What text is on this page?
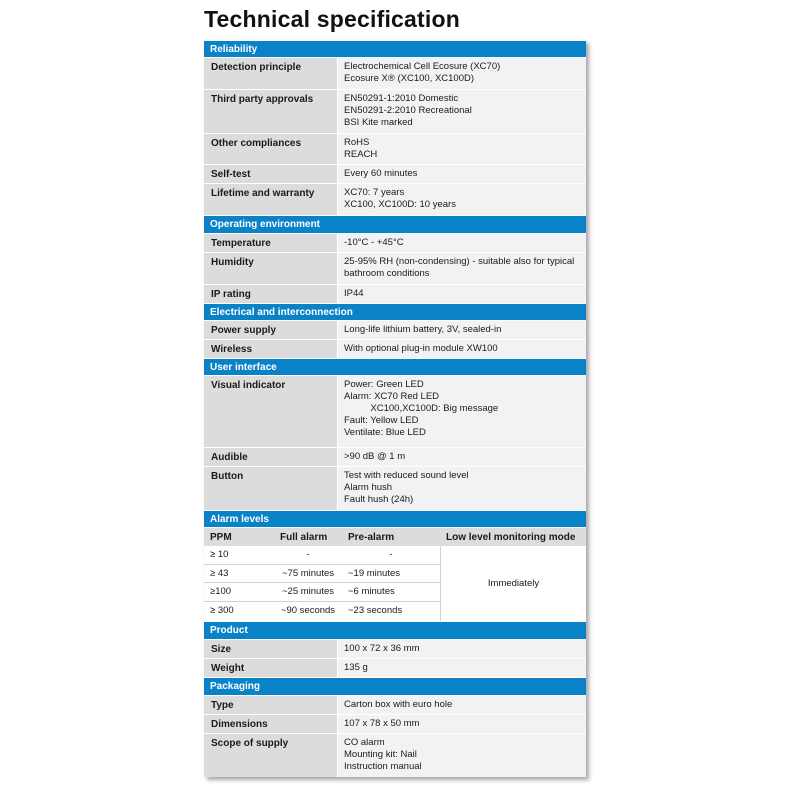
Technical specification
Reliability
Detection principle	Electrochemical Cell Ecosure (XC70)
Ecosure X® (XC100, XC100D)
Third party approvals	EN50291-1:2010 Domestic
EN50291-2:2010 Recreational
BSI Kite marked
Other compliances	RoHS
REACH
Self-test	Every 60 minutes
Lifetime and warranty	XC70: 7 years
XC100, XC100D: 10 years
Operating environment
Temperature	-10°C - +45°C
Humidity	25-95% RH (non-condensing) - suitable also for typical
bathroom conditions
IP rating	IP44
Electrical and interconnection
Power supply	Long-life lithium battery, 3V, sealed-in
Wireless	With optional plug-in module XW100
User interface
Visual indicator	Power: Green LED
Alarm: XC70 Red LED
XC100,XC100D: Big message
Fault: Yellow LED
Ventilate: Blue LED
Audible	>90 dB @ 1 m
Button	Test with reduced sound level
Alarm hush
Fault hush (24h)
Alarm levels
PPM	Full alarm	Pre-alarm	Low level monitoring mode
≥ 10	-	-
≥ 43	~75 minutes	~19 minutes
≥100	~25 minutes	~6 minutes
≥ 300	~90 seconds	~23 seconds
Immediately
Product
Size	100 x 72 x 36 mm
Weight	135 g
Packaging
Type	Carton box with euro hole
Dimensions	107 x 78 x 50 mm
Scope of supply	CO alarm
Mounting kit: Nail
Instruction manual
